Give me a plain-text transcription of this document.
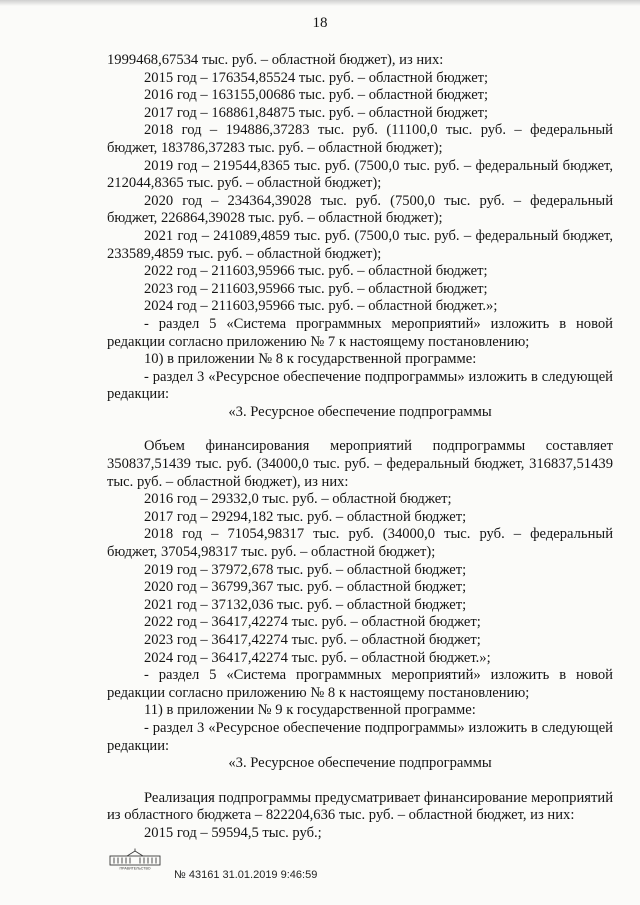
18

1999468,67534 тыс. руб. – областной бюджет), из них:

2015 год – 176354,85524 тыс. руб. – областной бюджет;

2016 год – 163155,00686 тыс. руб. – областной бюджет;

2017 год – 168861,84875 тыс. руб. – областной бюджет;

2018 год – 194886,37283 тыс. руб. (11100,0 тыс. руб. – федеральный бюджет, 183786,37283 тыс. руб. – областной бюджет);

2019 год – 219544,8365 тыс. руб. (7500,0 тыс. руб. – федеральный бюджет, 212044,8365 тыс. руб. – областной бюджет);

2020 год – 234364,39028 тыс. руб. (7500,0 тыс. руб. – федеральный бюджет, 226864,39028 тыс. руб. – областной бюджет);

2021 год – 241089,4859 тыс. руб. (7500,0 тыс. руб. – федеральный бюджет, 233589,4859 тыс. руб. – областной бюджет);

2022 год – 211603,95966 тыс. руб. – областной бюджет;

2023 год – 211603,95966 тыс. руб. – областной бюджет;

2024 год – 211603,95966 тыс. руб. – областной бюджет.»;

- раздел 5 «Система программных мероприятий» изложить в новой редакции согласно приложению № 7 к настоящему постановлению;

10) в приложении № 8 к государственной программе:

- раздел 3 «Ресурсное обеспечение подпрограммы» изложить в следующей редакции:

«3. Ресурсное обеспечение подпрограммы

Объем финансирования мероприятий подпрограммы составляет 350837,51439 тыс. руб. (34000,0 тыс. руб. – федеральный бюджет, 316837,51439 тыс. руб. – областной бюджет), из них:

2016 год – 29332,0 тыс. руб. – областной бюджет;

2017 год – 29294,182 тыс. руб. – областной бюджет;

2018 год – 71054,98317 тыс. руб. (34000,0 тыс. руб. – федеральный бюджет, 37054,98317 тыс. руб. – областной бюджет);

2019 год – 37972,678 тыс. руб. – областной бюджет;

2020 год – 36799,367 тыс. руб. – областной бюджет;

2021 год – 37132,036 тыс. руб. – областной бюджет;

2022 год – 36417,42274 тыс. руб. – областной бюджет;

2023 год – 36417,42274 тыс. руб. – областной бюджет;

2024 год – 36417,42274 тыс. руб. – областной бюджет.»;

- раздел 5 «Система программных мероприятий» изложить в новой редакции согласно приложению № 8 к настоящему постановлению;

11) в приложении № 9 к государственной программе:

- раздел 3 «Ресурсное обеспечение подпрограммы» изложить в следующей редакции:

«3. Ресурсное обеспечение подпрограммы

Реализация подпрограммы предусматривает финансирование мероприятий из областного бюджета – 822204,636 тыс. руб. – областной бюджет, из них:

2015 год – 59594,5 тыс. руб.;

ПРАВИТЕЛЬСТВО
№ 43161 31.01.2019 9:46:59
